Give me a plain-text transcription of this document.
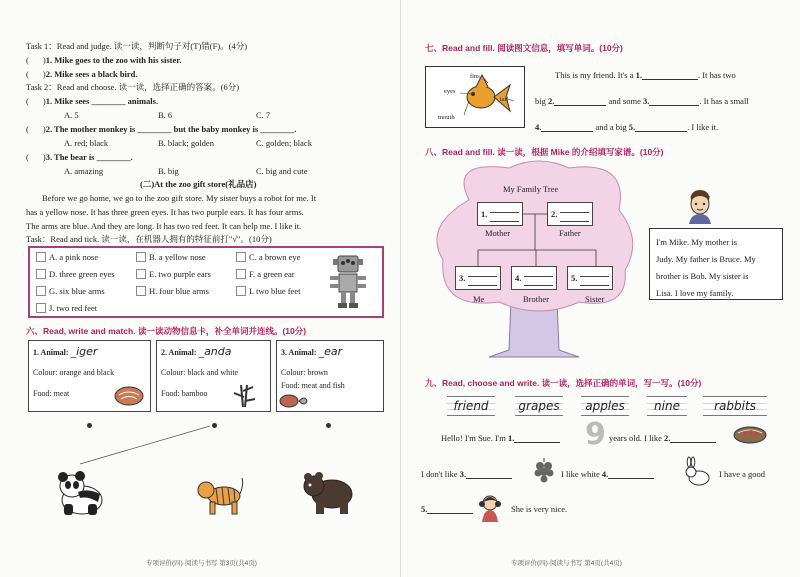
Task 1：Read and judge. 读一读，判断句子对(T)错(F)。(4分)
( )1. Mike goes to the zoo with his sister.
( )2. Mike sees a black bird.
Task 2：Read and choose. 读一读，选择正确的答案。(6分)
( )1. Mike sees ________ animals.
A. 5	B. 6	C. 7
( )2. The mother monkey is ________ but the baby monkey is ________.
A. red; black	B. black; golden	C. golden; black
( )3. The bear is ________.
A. amazing	B. big	C. big and cute
(二)At the zoo gift store(礼品店)
Before we go home, we go to the zoo gift store. My sister buys a robot for me. It
has a yellow nose. It has three green eyes. It has two purple ears. It has four arms.
The arms are blue. And they are long. It has two red feet. It can help me. I like it.
Task：Read and tick. 读一读，在机器人拥有的特征前打"√"。(10分)
A. a pink nose	B. a yellow nose	C. a brown eye
D. three green eyes	E. two purple ears	F. a green ear
G. six blue arms	H. four blue arms	I. two blue feet
J. two red feet
六、Read, write and match. 读一读动物信息卡，补全单词并连线。(10分)
1. Animal: _iger
Colour: orange and black
Food: meat
2. Animal: _anda
Colour: black and white
Food: bamboo
3. Animal: _ear
Colour: brown
Food: meat and fish
专项评价(四)·阅读与书写 第3页(共4页)
七、Read and fill. 阅读图文信息，填写单词。(10分)
fins
eyes
tail
mouth
This is my friend. It's a 1.	. It has two
big 2.	and some 3.	. It has a small
4.	and a big 5.	. I like it.
八、Read and fill. 读一读，根据 Mike 的介绍填写家谱。(10分)
My Family Tree
1.	2.
Mother	Father
3.	4.	5.
Me	Brother	Sister
I'm Mike. My mother is
Judy. My father is Bruce. My
brother is Bob. My sister is
Lisa. I love my family.
九、Read, choose and write. 读一读，选择正确的单词，写一写。(10分)
friend	grapes	apples	nine	rabbits
Hello! I'm Sue. I'm 1.	9 years old. I like 2.
I don't like 3.	I like white 4.	I have a good
5.	She is very nice.
专项评价(四)·阅读与书写 第4页(共4页)
